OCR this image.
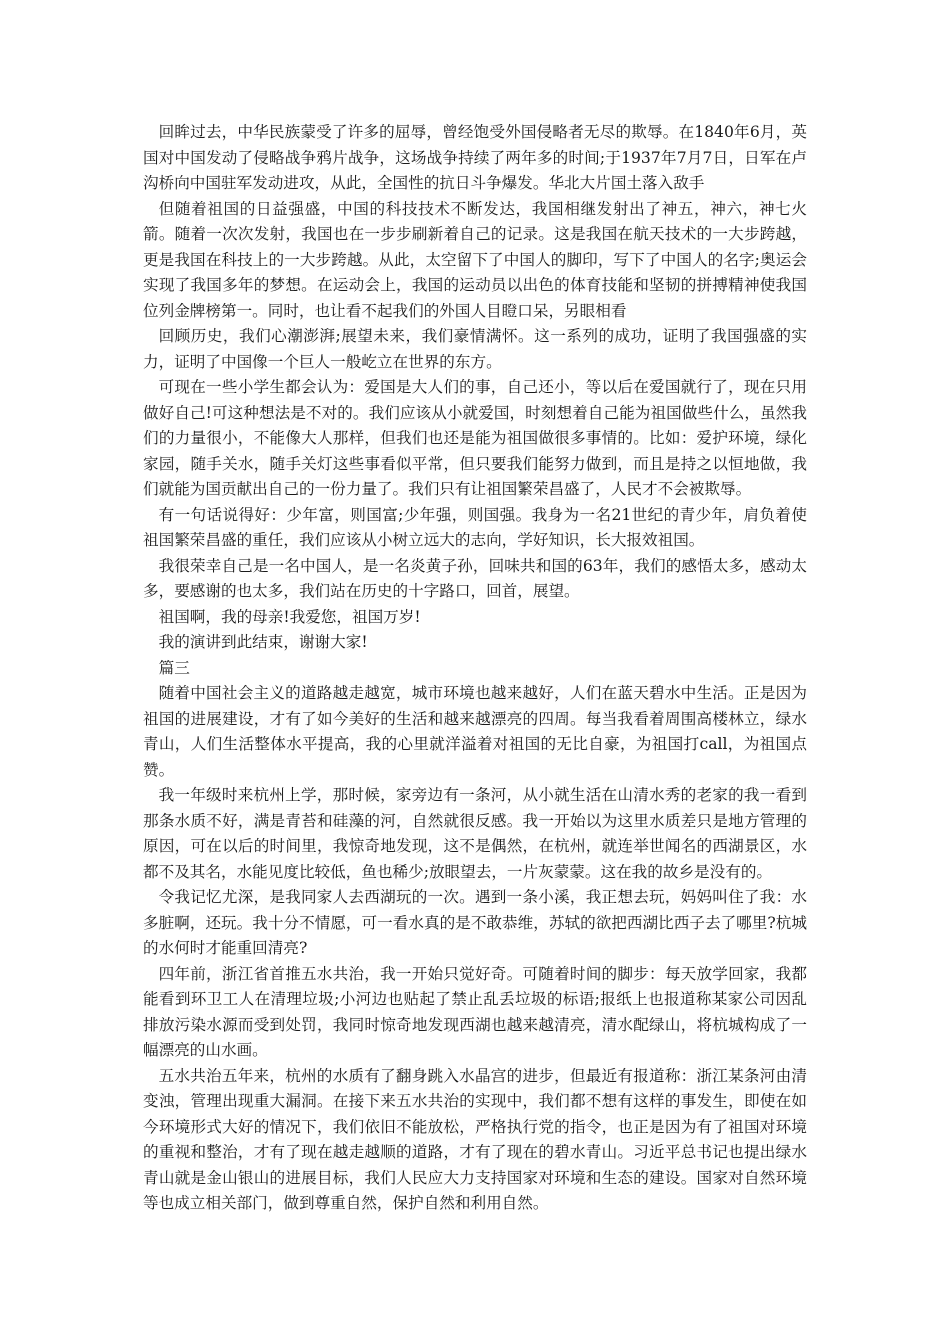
回眸过去，中华民族蒙受了许多的屈辱，曾经饱受外国侵略者无尽的欺辱。在1840年6月，英国对中国发动了侵略战争鸦片战争，这场战争持续了两年多的时间;于1937年7月7日，日军在卢沟桥向中国驻军发动进攻，从此，全国性的抗日斗争爆发。华北大片国土落入敌手

但随着祖国的日益强盛，中国的科技技术不断发达，我国相继发射出了神五，神六，神七火箭。随着一次次发射，我国也在一步步刷新着自己的记录。这是我国在航天技术的一大步跨越，更是我国在科技上的一大步跨越。从此，太空留下了中国人的脚印，写下了中国人的名字;奥运会实现了我国多年的梦想。在运动会上，我国的运动员以出色的体育技能和坚韧的拼搏精神使我国位列金牌榜第一。同时，也让看不起我们的外国人目瞪口呆，另眼相看

回顾历史，我们心潮澎湃;展望未来，我们豪情满怀。这一系列的成功，证明了我国强盛的实力，证明了中国像一个巨人一般屹立在世界的东方。

可现在一些小学生都会认为：爱国是大人们的事，自己还小，等以后在爱国就行了，现在只用做好自己!可这种想法是不对的。我们应该从小就爱国，时刻想着自己能为祖国做些什么，虽然我们的力量很小，不能像大人那样，但我们也还是能为祖国做很多事情的。比如：爱护环境，绿化家园，随手关水，随手关灯这些事看似平常，但只要我们能努力做到，而且是持之以恒地做，我们就能为国贡献出自己的一份力量了。我们只有让祖国繁荣昌盛了，人民才不会被欺辱。

有一句话说得好：少年富，则国富;少年强，则国强。我身为一名21世纪的青少年，肩负着使祖国繁荣昌盛的重任，我们应该从小树立远大的志向，学好知识，长大报效祖国。

我很荣幸自己是一名中国人，是一名炎黄子孙，回味共和国的63年，我们的感悟太多，感动太多，要感谢的也太多，我们站在历史的十字路口，回首，展望。

祖国啊，我的母亲!我爱您，祖国万岁!

我的演讲到此结束，谢谢大家!

篇三

随着中国社会主义的道路越走越宽，城市环境也越来越好，人们在蓝天碧水中生活。正是因为祖国的进展建设，才有了如今美好的生活和越来越漂亮的四周。每当我看着周围高楼林立，绿水青山，人们生活整体水平提高，我的心里就洋溢着对祖国的无比自豪，为祖国打call，为祖国点赞。

我一年级时来杭州上学，那时候，家旁边有一条河，从小就生活在山清水秀的老家的我一看到那条水质不好，满是青苔和硅藻的河，自然就很反感。我一开始以为这里水质差只是地方管理的原因，可在以后的时间里，我惊奇地发现，这不是偶然，在杭州，就连举世闻名的西湖景区，水都不及其名，水能见度比较低，鱼也稀少;放眼望去，一片灰蒙蒙。这在我的故乡是没有的。

令我记忆尤深，是我同家人去西湖玩的一次。遇到一条小溪，我正想去玩，妈妈叫住了我：水多脏啊，还玩。我十分不情愿，可一看水真的是不敢恭维，苏轼的欲把西湖比西子去了哪里?杭城的水何时才能重回清亮?

四年前，浙江省首推五水共治，我一开始只觉好奇。可随着时间的脚步：每天放学回家，我都能看到环卫工人在清理垃圾;小河边也贴起了禁止乱丢垃圾的标语;报纸上也报道称某家公司因乱排放污染水源而受到处罚，我同时惊奇地发现西湖也越来越清亮，清水配绿山，将杭城构成了一幅漂亮的山水画。

五水共治五年来，杭州的水质有了翻身跳入水晶宫的进步，但最近有报道称：浙江某条河由清变浊，管理出现重大漏洞。在接下来五水共治的实现中，我们都不想有这样的事发生，即使在如今环境形式大好的情况下，我们依旧不能放松，严格执行党的指令，也正是因为有了祖国对环境的重视和整治，才有了现在越走越顺的道路，才有了现在的碧水青山。习近平总书记也提出绿水青山就是金山银山的进展目标，我们人民应大力支持国家对环境和生态的建设。国家对自然环境等也成立相关部门，做到尊重自然，保护自然和利用自然。
